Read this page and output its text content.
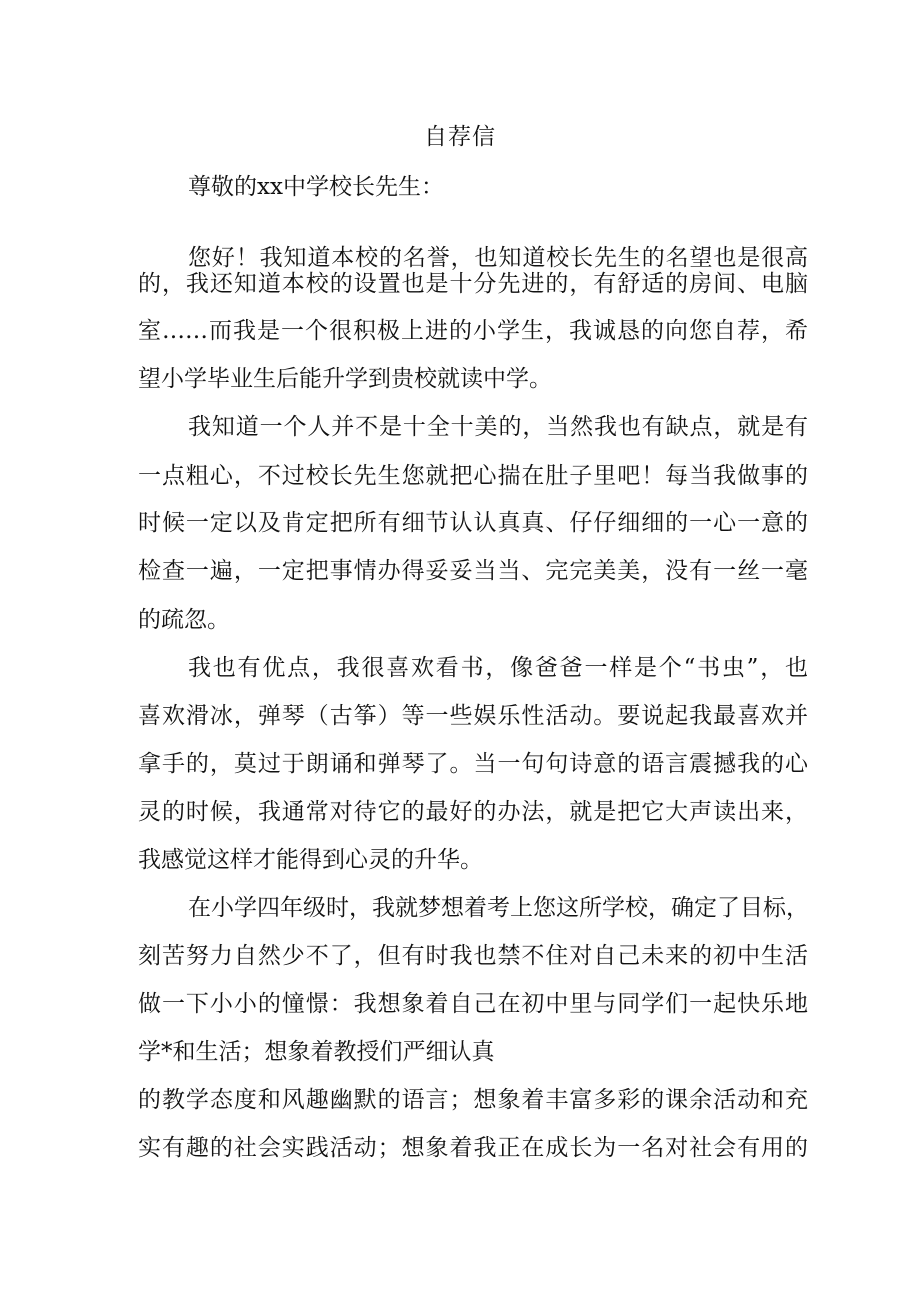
自荐信
尊敬的xx中学校长先生：
您好！我知道本校的名誉，也知道校长先生的名望也是很高
的，我还知道本校的设置也是十分先进的，有舒适的房间、电脑
室……而我是一个很积极上进的小学生，我诚恳的向您自荐，希
望小学毕业生后能升学到贵校就读中学。
我知道一个人并不是十全十美的，当然我也有缺点，就是有
一点粗心，不过校长先生您就把心揣在肚子里吧！每当我做事的
时候一定以及肯定把所有细节认认真真、仔仔细细的一心一意的
检查一遍，一定把事情办得妥妥当当、完完美美，没有一丝一毫
的疏忽。
我也有优点，我很喜欢看书，像爸爸一样是个“书虫”，也
喜欢滑冰，弹琴（古筝）等一些娱乐性活动。要说起我最喜欢并
拿手的，莫过于朗诵和弹琴了。当一句句诗意的语言震撼我的心
灵的时候，我通常对待它的最好的办法，就是把它大声读出来，
我感觉这样才能得到心灵的升华。
在小学四年级时，我就梦想着考上您这所学校，确定了目标，
刻苦努力自然少不了，但有时我也禁不住对自己未来的初中生活
做一下小小的憧憬：我想象着自己在初中里与同学们一起快乐地
学*和生活；想象着教授们严细认真
的教学态度和风趣幽默的语言；想象着丰富多彩的课余活动和充
实有趣的社会实践活动；想象着我正在成长为一名对社会有用的
